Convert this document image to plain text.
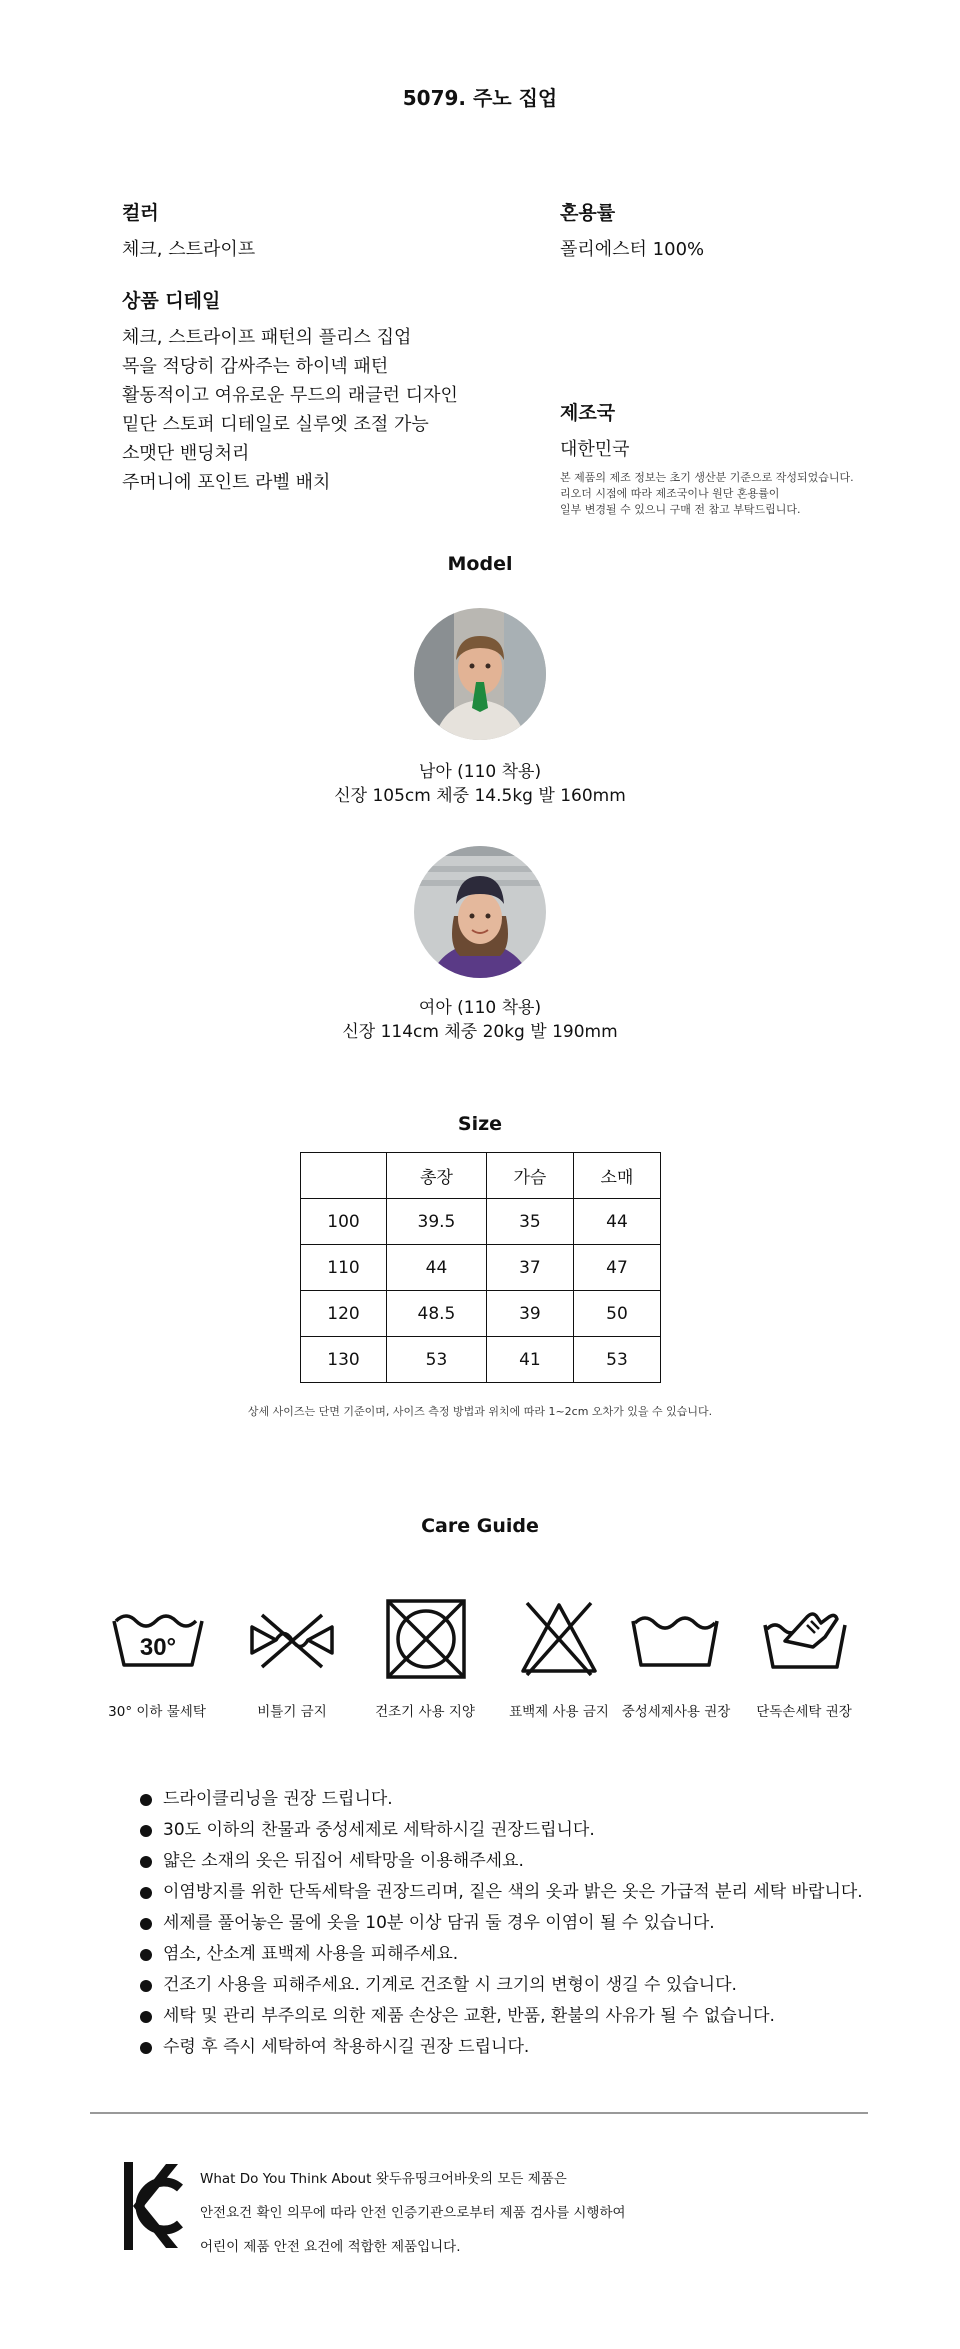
5079. 주노 집업
컬러

체크, 스트라이프

상품 디테일

체크, 스트라이프 패턴의 플리스 집업

목을 적당히 감싸주는 하이넥 패턴

활동적이고 여유로운 무드의 래글런 디자인

밑단 스토퍼 디테일로 실루엣 조절 가능

소맷단 밴딩처리

주머니에 포인트 라벨 배치

혼용률

폴리에스터 100%

제조국

대한민국

본 제품의 제조 정보는 초기 생산분 기준으로 작성되었습니다.
리오더 시점에 따라 제조국이나 원단 혼용률이
일부 변경될 수 있으니 구매 전 참고 부탁드립니다.
Model
남아 (110 착용)
신장 105cm 체중 14.5kg 발 160mm
여아 (110 착용)
신장 114cm 체중 20kg 발 190mm
Size
	총장	가슴	소매
100	39.5	35	44
110	44	37	47
120	48.5	39	50
130	53	41	53
상세 사이즈는 단면 기준이며, 사이즈 측정 방법과 위치에 따라 1~2cm 오차가 있을 수 있습니다.
Care Guide
30°
30° 이하 물세탁	비틀기 금지	건조기 사용 지양	표백제 사용 금지 중성세제사용 권장	단독손세탁 권장
드라이클리닝을 권장 드립니다.
30도 이하의 찬물과 중성세제로 세탁하시길 권장드립니다.
얇은 소재의 옷은 뒤집어 세탁망을 이용해주세요.
이염방지를 위한 단독세탁을 권장드리며, 짙은 색의 옷과 밝은 옷은 가급적 분리 세탁 바랍니다.
세제를 풀어놓은 물에 옷을 10분 이상 담궈 둘 경우 이염이 될 수 있습니다.
염소, 산소계 표백제 사용을 피해주세요.
건조기 사용을 피해주세요. 기계로 건조할 시 크기의 변형이 생길 수 있습니다.
세탁 및 관리 부주의로 의한 제품 손상은 교환, 반품, 환불의 사유가 될 수 없습니다.
수령 후 즉시 세탁하여 착용하시길 권장 드립니다.
What Do You Think About 왓두유띵크어바웃의 모든 제품은
안전요건 확인 의무에 따라 안전 인증기관으로부터 제품 검사를 시행하여
어린이 제품 안전 요건에 적합한 제품입니다.
